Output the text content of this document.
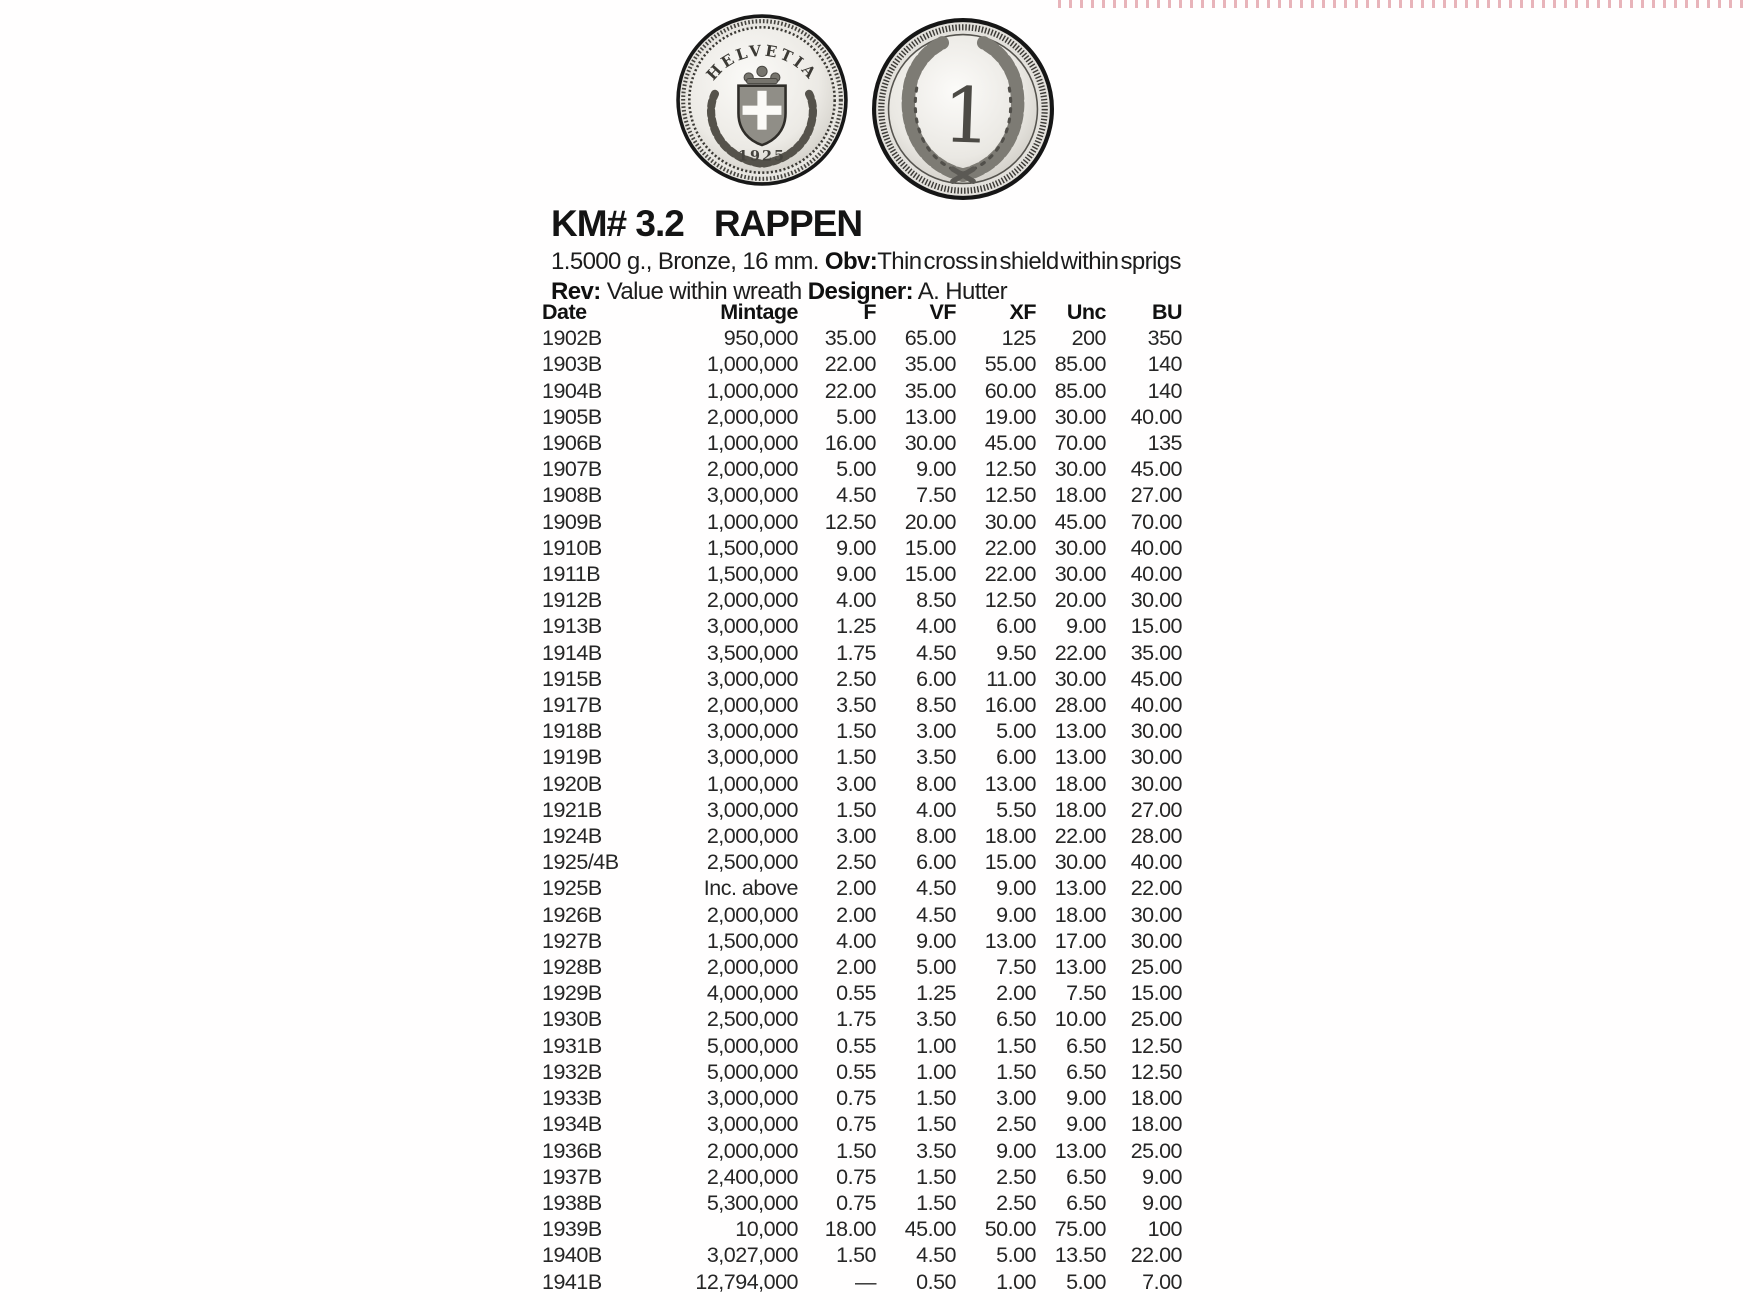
HELVETIA
1925 1
KM# 3.2 RAPPEN
1.5000 g., Bronze, 16 mm. Obv:Thin cross in shield within sprigs
Rev: Value within wreath Designer: A. Hutter
Date	Mintage	F	VF	XF	Unc	BU
1902B	950,000	35.00	65.00	125	200	350
1903B	1,000,000	22.00	35.00	55.00	85.00	140
1904B	1,000,000	22.00	35.00	60.00	85.00	140
1905B	2,000,000	5.00	13.00	19.00	30.00	40.00
1906B	1,000,000	16.00	30.00	45.00	70.00	135
1907B	2,000,000	5.00	9.00	12.50	30.00	45.00
1908B	3,000,000	4.50	7.50	12.50	18.00	27.00
1909B	1,000,000	12.50	20.00	30.00	45.00	70.00
1910B	1,500,000	9.00	15.00	22.00	30.00	40.00
1911B	1,500,000	9.00	15.00	22.00	30.00	40.00
1912B	2,000,000	4.00	8.50	12.50	20.00	30.00
1913B	3,000,000	1.25	4.00	6.00	9.00	15.00
1914B	3,500,000	1.75	4.50	9.50	22.00	35.00
1915B	3,000,000	2.50	6.00	11.00	30.00	45.00
1917B	2,000,000	3.50	8.50	16.00	28.00	40.00
1918B	3,000,000	1.50	3.00	5.00	13.00	30.00
1919B	3,000,000	1.50	3.50	6.00	13.00	30.00
1920B	1,000,000	3.00	8.00	13.00	18.00	30.00
1921B	3,000,000	1.50	4.00	5.50	18.00	27.00
1924B	2,000,000	3.00	8.00	18.00	22.00	28.00
1925/4B	2,500,000	2.50	6.00	15.00	30.00	40.00
1925B	Inc. above	2.00	4.50	9.00	13.00	22.00
1926B	2,000,000	2.00	4.50	9.00	18.00	30.00
1927B	1,500,000	4.00	9.00	13.00	17.00	30.00
1928B	2,000,000	2.00	5.00	7.50	13.00	25.00
1929B	4,000,000	0.55	1.25	2.00	7.50	15.00
1930B	2,500,000	1.75	3.50	6.50	10.00	25.00
1931B	5,000,000	0.55	1.00	1.50	6.50	12.50
1932B	5,000,000	0.55	1.00	1.50	6.50	12.50
1933B	3,000,000	0.75	1.50	3.00	9.00	18.00
1934B	3,000,000	0.75	1.50	2.50	9.00	18.00
1936B	2,000,000	1.50	3.50	9.00	13.00	25.00
1937B	2,400,000	0.75	1.50	2.50	6.50	9.00
1938B	5,300,000	0.75	1.50	2.50	6.50	9.00
1939B	10,000	18.00	45.00	50.00	75.00	100
1940B	3,027,000	1.50	4.50	5.00	13.50	22.00
1941B	12,794,000	—	0.50	1.00	5.00	7.00
